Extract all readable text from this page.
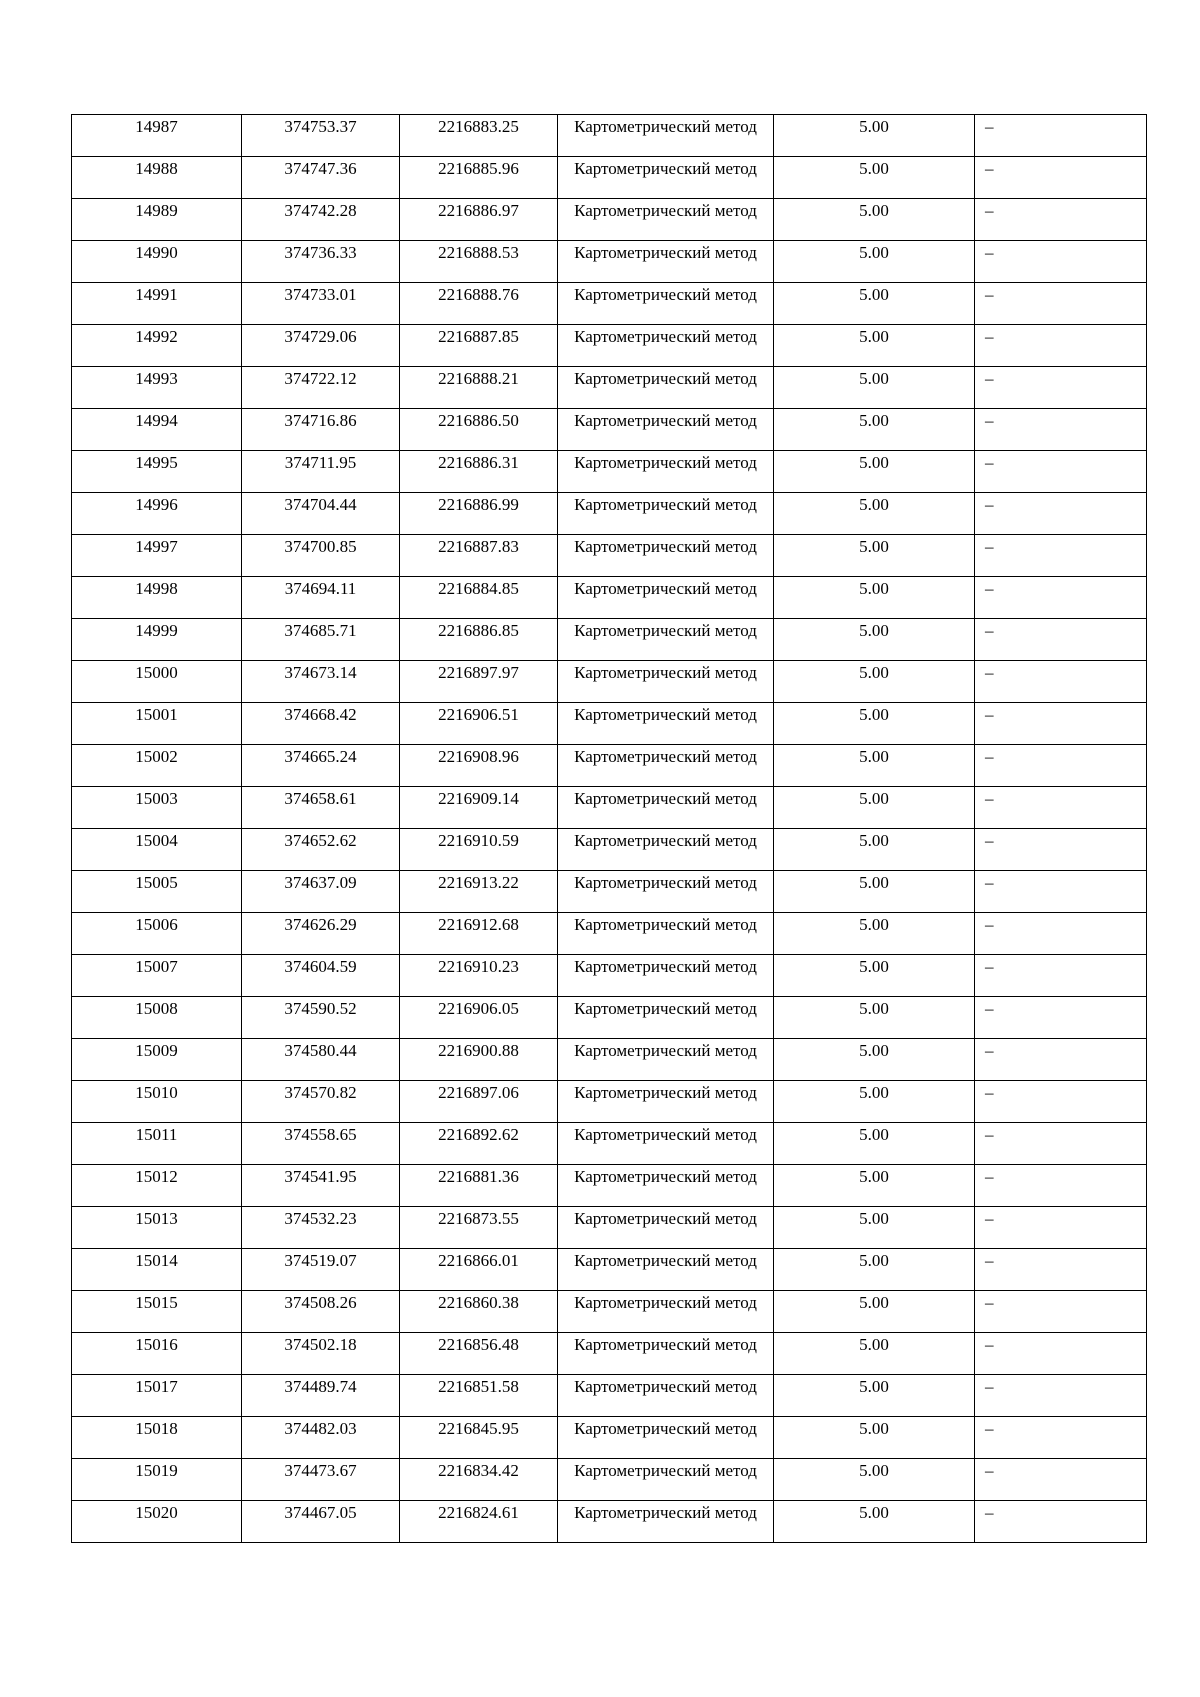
14987	374753.37	2216883.25	Картометрический метод	5.00	–
14988	374747.36	2216885.96	Картометрический метод	5.00	–
14989	374742.28	2216886.97	Картометрический метод	5.00	–
14990	374736.33	2216888.53	Картометрический метод	5.00	–
14991	374733.01	2216888.76	Картометрический метод	5.00	–
14992	374729.06	2216887.85	Картометрический метод	5.00	–
14993	374722.12	2216888.21	Картометрический метод	5.00	–
14994	374716.86	2216886.50	Картометрический метод	5.00	–
14995	374711.95	2216886.31	Картометрический метод	5.00	–
14996	374704.44	2216886.99	Картометрический метод	5.00	–
14997	374700.85	2216887.83	Картометрический метод	5.00	–
14998	374694.11	2216884.85	Картометрический метод	5.00	–
14999	374685.71	2216886.85	Картометрический метод	5.00	–
15000	374673.14	2216897.97	Картометрический метод	5.00	–
15001	374668.42	2216906.51	Картометрический метод	5.00	–
15002	374665.24	2216908.96	Картометрический метод	5.00	–
15003	374658.61	2216909.14	Картометрический метод	5.00	–
15004	374652.62	2216910.59	Картометрический метод	5.00	–
15005	374637.09	2216913.22	Картометрический метод	5.00	–
15006	374626.29	2216912.68	Картометрический метод	5.00	–
15007	374604.59	2216910.23	Картометрический метод	5.00	–
15008	374590.52	2216906.05	Картометрический метод	5.00	–
15009	374580.44	2216900.88	Картометрический метод	5.00	–
15010	374570.82	2216897.06	Картометрический метод	5.00	–
15011	374558.65	2216892.62	Картометрический метод	5.00	–
15012	374541.95	2216881.36	Картометрический метод	5.00	–
15013	374532.23	2216873.55	Картометрический метод	5.00	–
15014	374519.07	2216866.01	Картометрический метод	5.00	–
15015	374508.26	2216860.38	Картометрический метод	5.00	–
15016	374502.18	2216856.48	Картометрический метод	5.00	–
15017	374489.74	2216851.58	Картометрический метод	5.00	–
15018	374482.03	2216845.95	Картометрический метод	5.00	–
15019	374473.67	2216834.42	Картометрический метод	5.00	–
15020	374467.05	2216824.61	Картометрический метод	5.00	–
